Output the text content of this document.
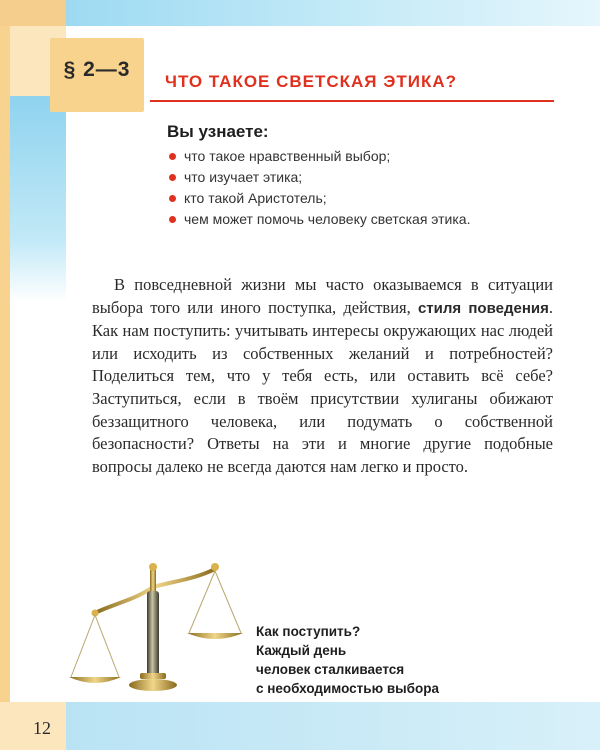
§ 2—3
ЧТО ТАКОЕ СВЕТСКАЯ ЭТИКА?
Вы узнаете:
что такое нравственный выбор;
что изучает этика;
кто такой Аристотель;
чем может помочь человеку светская этика.

В повседневной жизни мы часто оказываемся в ситуации выбора того или иного поступка, действия, стиля поведения. Как нам поступить: учитывать интересы окружающих нас людей или исходить из собственных желаний и потребностей? Поделиться тем, что у тебя есть, или оставить всё себе? Заступиться, если в твоём присутствии хулиганы обижают беззащитного человека, или подумать о собственной безопасности? Ответы на эти и многие другие подобные вопросы далеко не всегда даются нам легко и просто.

Как поступить?
Каждый день
человек сталкивается
с необходимостью выбора

12
